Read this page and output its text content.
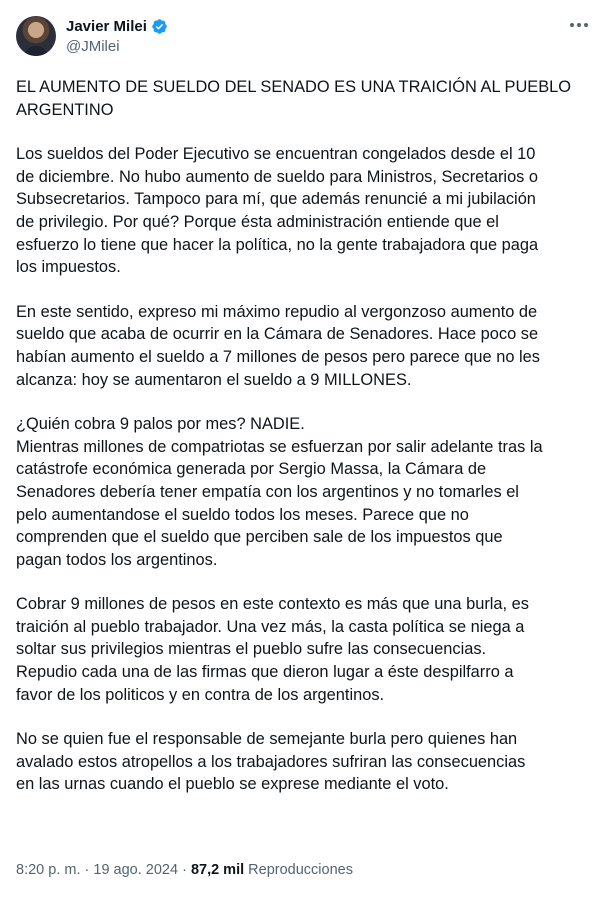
Javier Milei
@JMilei

EL AUMENTO DE SUELDO DEL SENADO ES UNA TRAICIÓN AL PUEBLO

ARGENTINO

Los sueldos del Poder Ejecutivo se encuentran congelados desde el 10

de diciembre. No hubo aumento de sueldo para Ministros, Secretarios o

Subsecretarios. Tampoco para mí, que además renuncié a mi jubilación

de privilegio. Por qué? Porque ésta administración entiende que el

esfuerzo lo tiene que hacer la política, no la gente trabajadora que paga

los impuestos.

En este sentido, expreso mi máximo repudio al vergonzoso aumento de

sueldo que acaba de ocurrir en la Cámara de Senadores. Hace poco se

habían aumento el sueldo a 7 millones de pesos pero parece que no les

alcanza: hoy se aumentaron el sueldo a 9 MILLONES.

¿Quién cobra 9 palos por mes? NADIE.

Mientras millones de compatriotas se esfuerzan por salir adelante tras la

catástrofe económica generada por Sergio Massa, la Cámara de

Senadores debería tener empatía con los argentinos y no tomarles el

pelo aumentandose el sueldo todos los meses. Parece que no

comprenden que el sueldo que perciben sale de los impuestos que

pagan todos los argentinos.

Cobrar 9 millones de pesos en este contexto es más que una burla, es

traición al pueblo trabajador. Una vez más, la casta política se niega a

soltar sus privilegios mientras el pueblo sufre las consecuencias.

Repudio cada una de las firmas que dieron lugar a éste despilfarro a

favor de los politicos y en contra de los argentinos.

No se quien fue el responsable de semejante burla pero quienes han

avalado estos atropellos a los trabajadores sufriran las consecuencias

en las urnas cuando el pueblo se exprese mediante el voto.

8:20 p. m. · 19 ago. 2024 · 87,2 mil Reproducciones
